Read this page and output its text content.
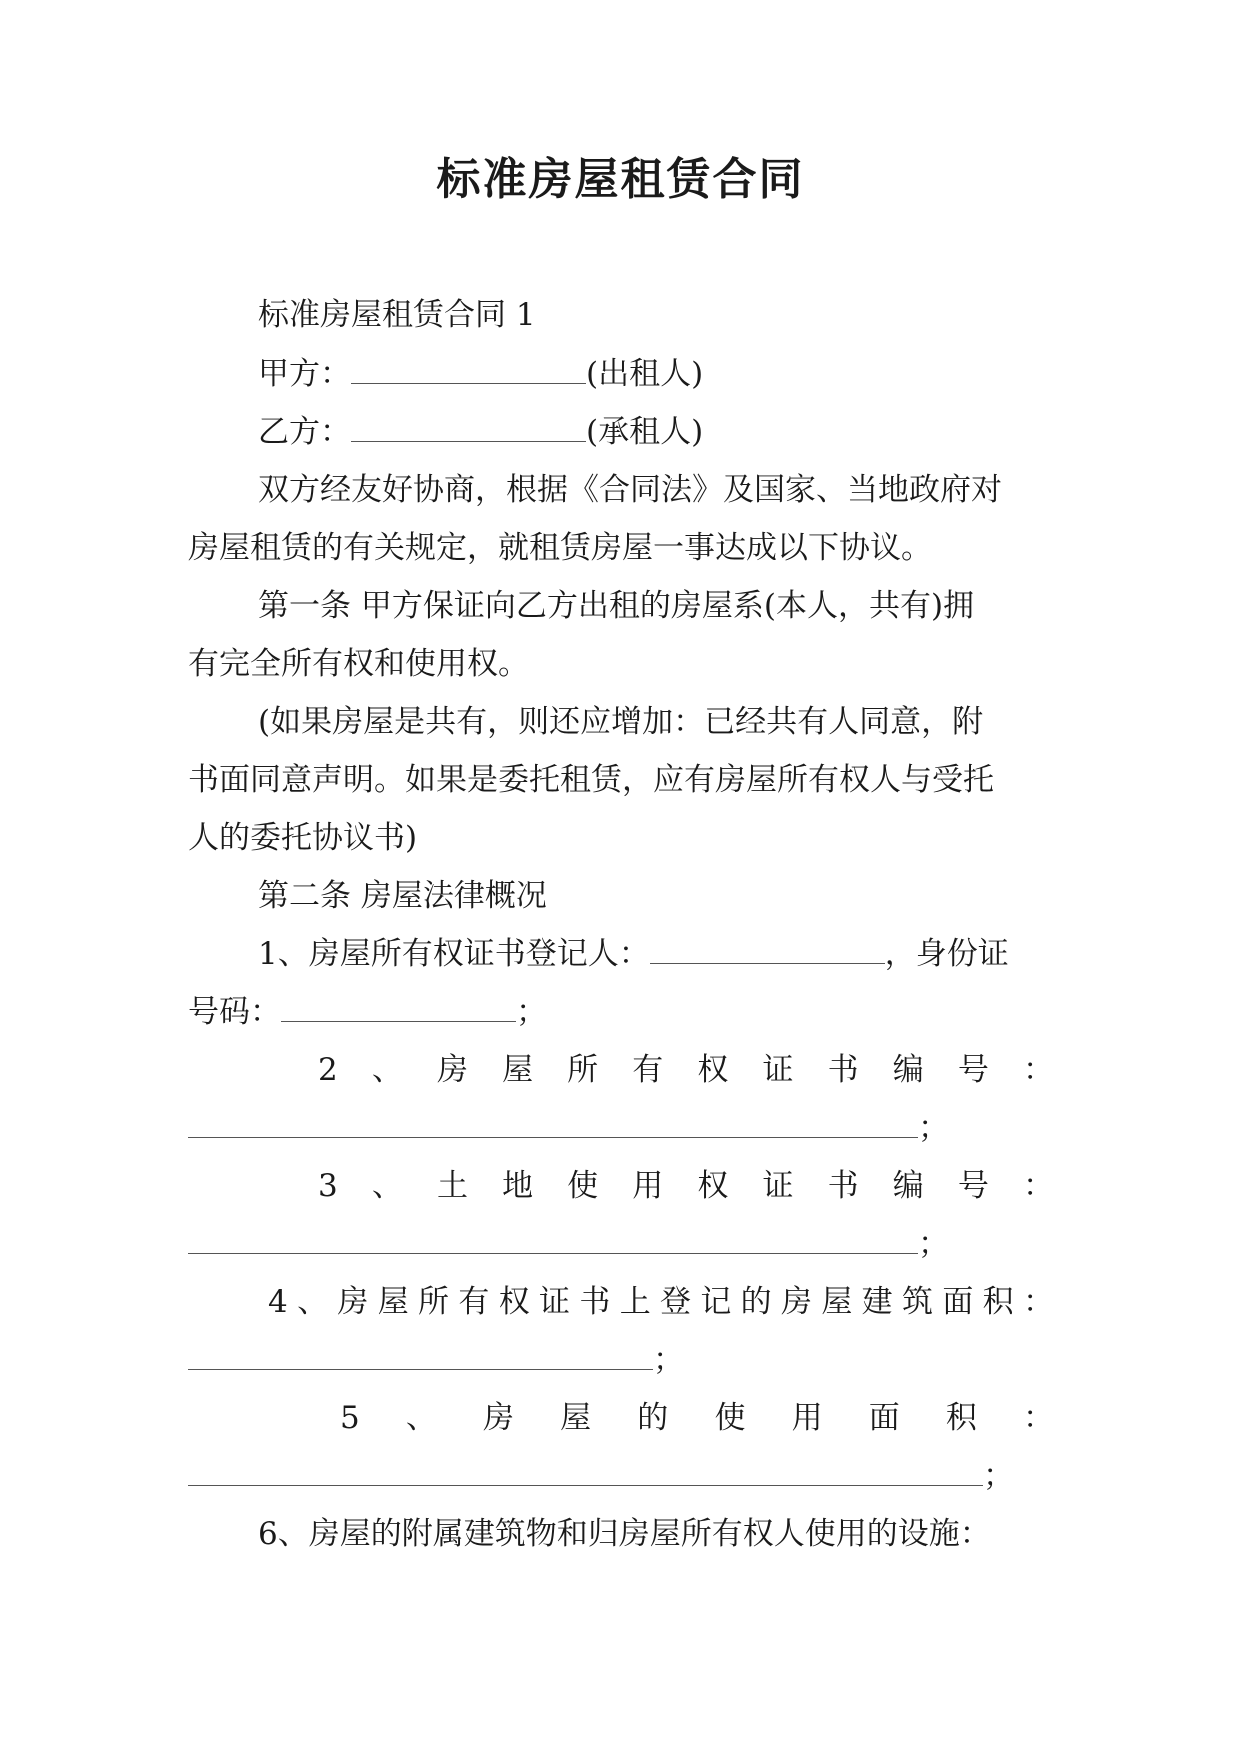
标准房屋租赁合同
标准房屋租赁合同 1
甲方：	(出租人)
乙方：	(承租人)
双方经友好协商，根据《合同法》及国家、当地政府对
房屋租赁的有关规定，就租赁房屋一事达成以下协议。
第一条 甲方保证向乙方出租的房屋系(本人，共有)拥
有完全所有权和使用权。
(如果房屋是共有，则还应增加：已经共有人同意，附
书面同意声明。如果是委托租赁，应有房屋所有权人与受托
人的委托协议书)
第二条 房屋法律概况
1、房屋所有权证书登记人：	，身份证
号码：	；
2 、 房 屋 所 有 权 证 书 编 号 ：
；
3 、 土 地 使 用 权 证 书 编 号 ：
；
4 、 房 屋 所 有 权 证 书 上 登 记 的 房 屋 建 筑 面 积 ：
；
5 、 房 屋 的 使 用 面 积 ：
；
6、房屋的附属建筑物和归房屋所有权人使用的设施：
